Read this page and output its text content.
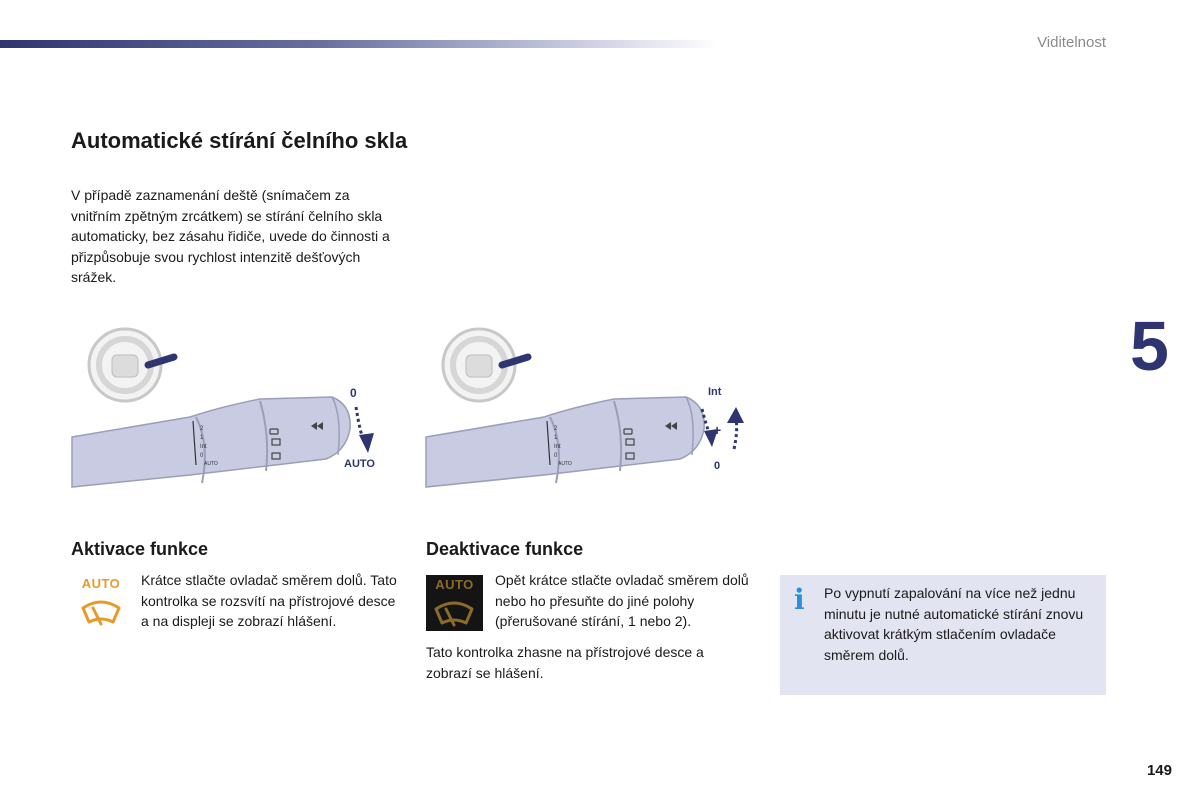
Viditelnost
5
Automatické stírání čelního skla

V případě zaznamenání deště (snímačem za vnitřním zpětným zrcátkem) se stírání čelního skla automaticky, bez zásahu řidiče, uvede do činnosti a přizpůsobuje svou rychlost intenzitě dešťových srážek.

2
1
Int
0
AUTO
0
AUTO
2
1
Int
0
AUTO
+
Int
0
Aktivace funkce
AUTO	Krátce stlačte ovladač směrem dolů. Tato kontrolka se rozsvítí na přístrojové desce a na displeji se zobrazí hlášení.

Deaktivace funkce
AUTO	Opět krátce stlačte ovladač směrem dolů nebo ho přesuňte do jiné polohy (přerušované stírání, 1 nebo 2).

Tato kontrolka zhasne na přístrojové desce a zobrazí se hlášení.

i Po vypnutí zapalování na více než jednu minutu je nutné automatické stírání znovu aktivovat krátkým stlačením ovladače směrem dolů.

149
